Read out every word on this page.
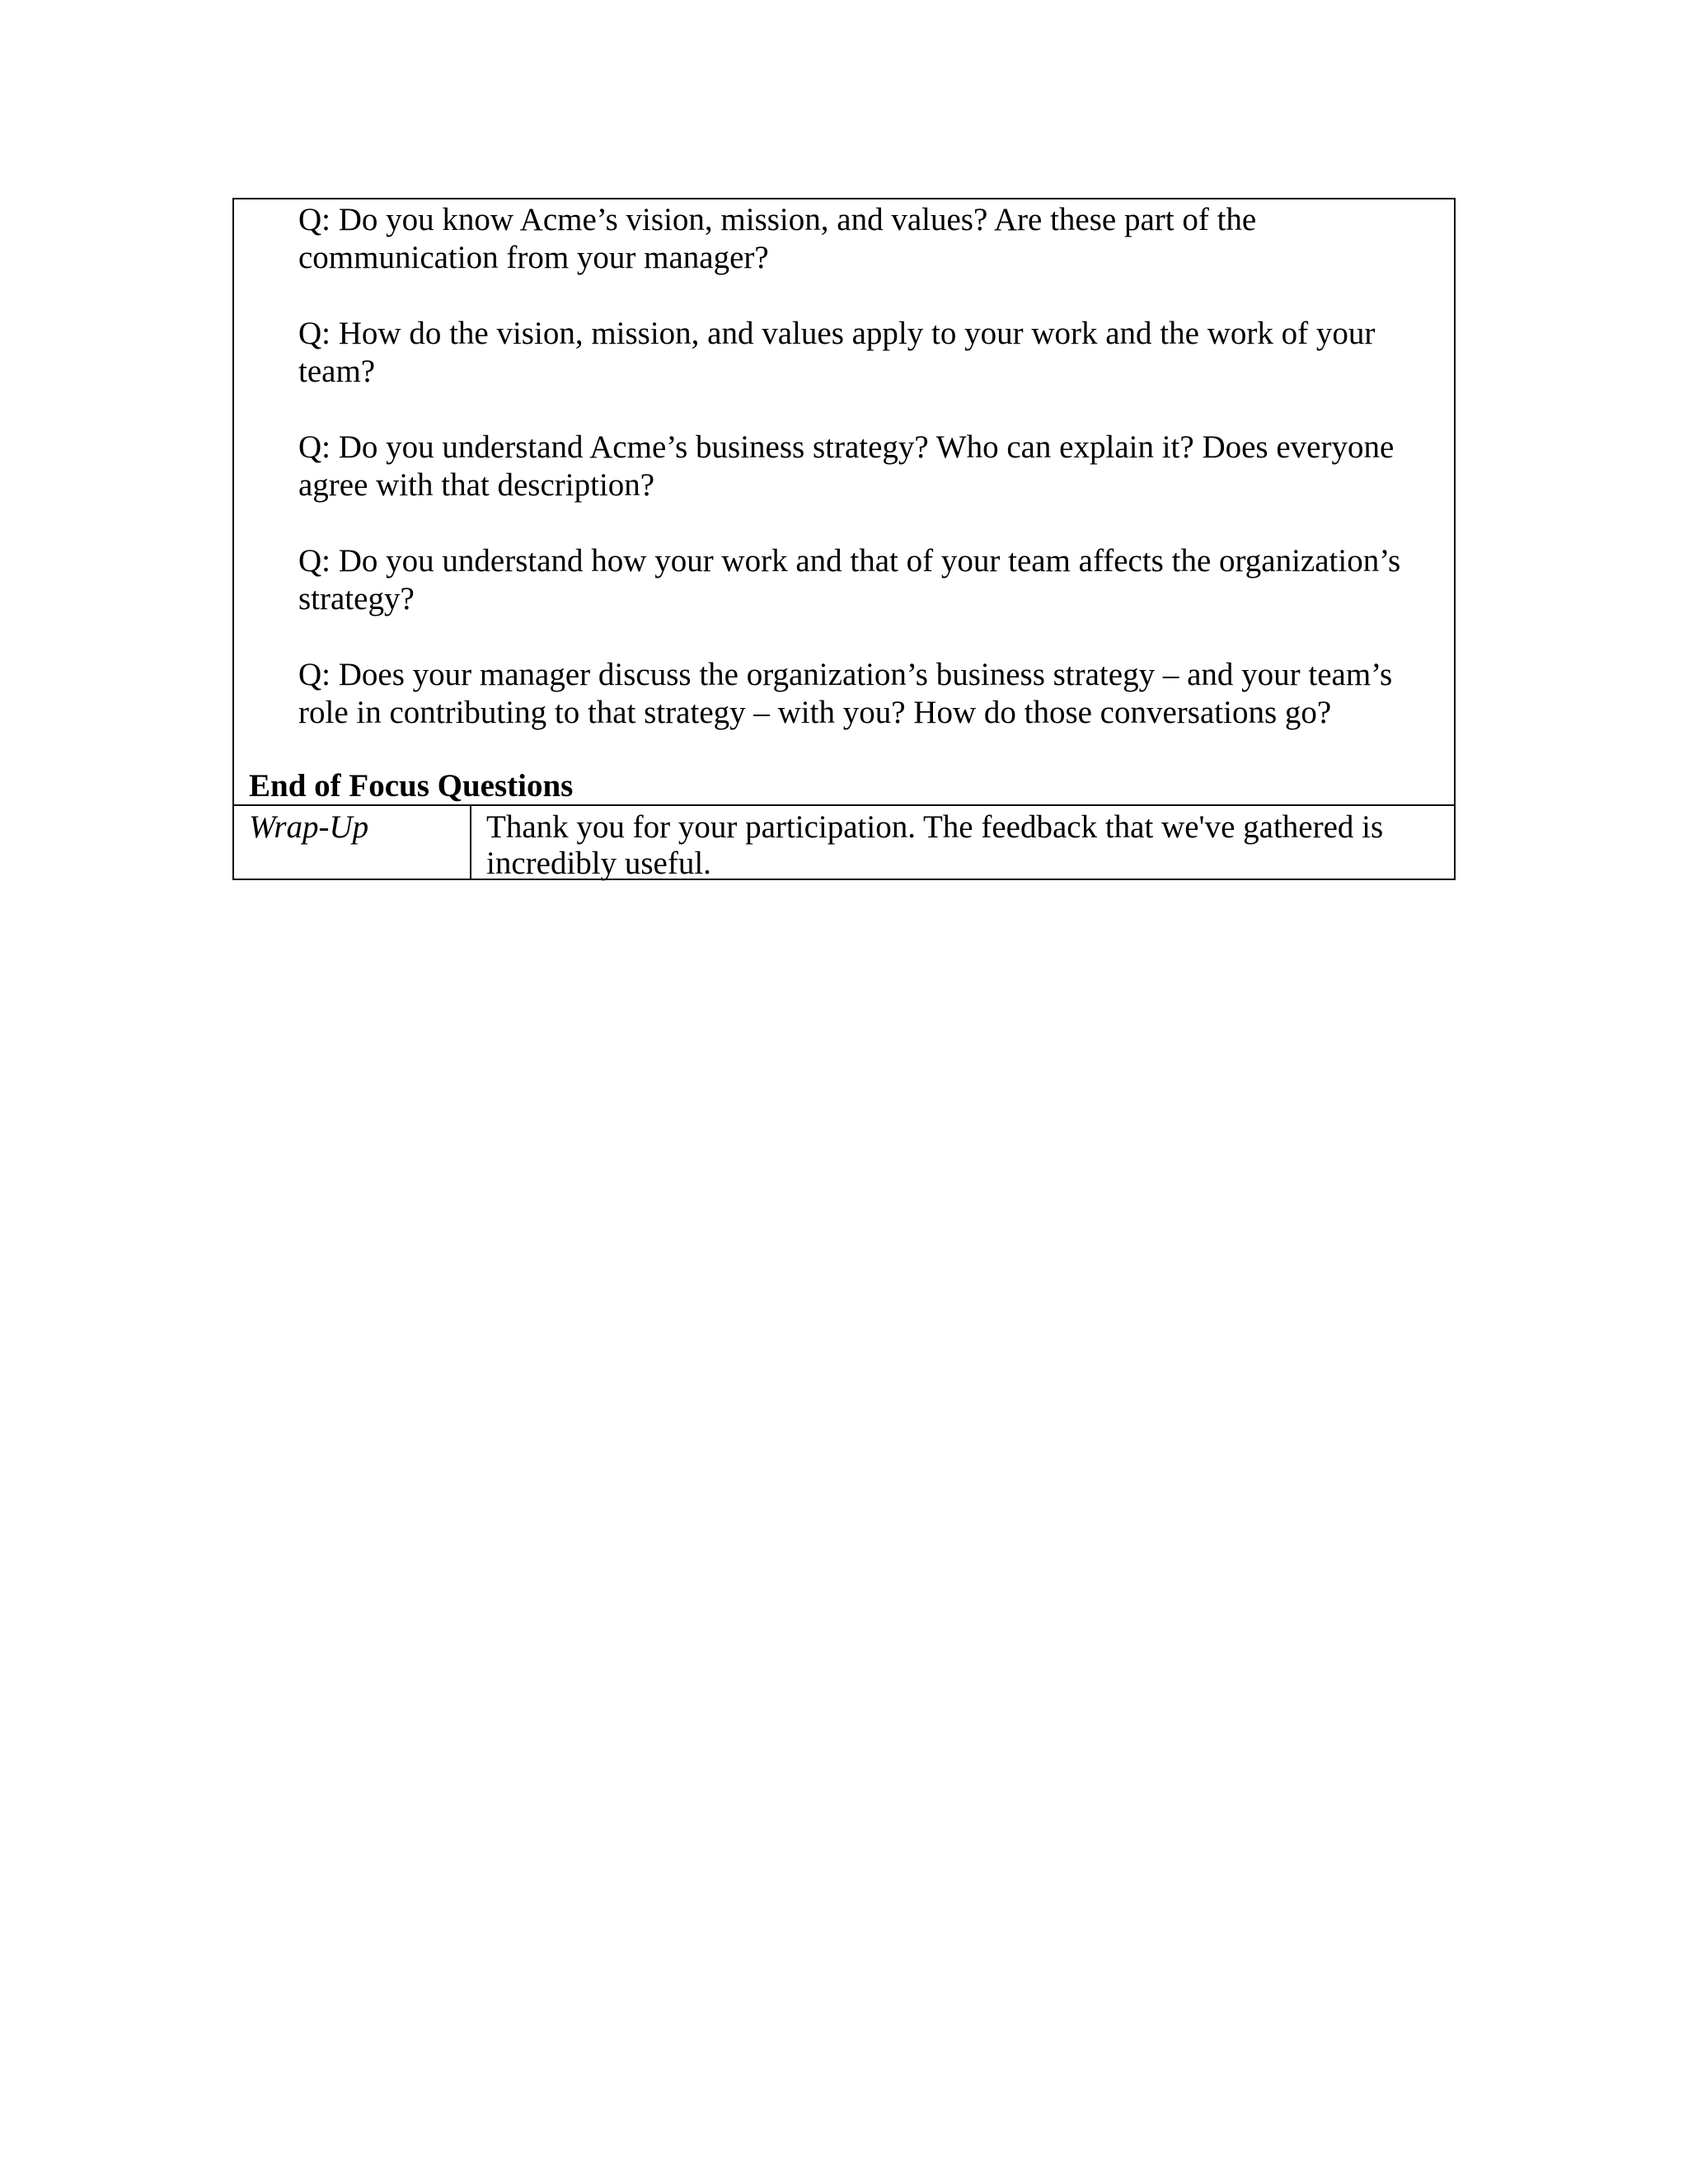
Q: Do you know Acme’s vision, mission, and values? Are these part of the communication from your manager?

Q: How do the vision, mission, and values apply to your work and the work of your team?

Q: Do you understand Acme’s business strategy? Who can explain it? Does everyone agree with that description?

Q: Do you understand how your work and that of your team affects the organization’s strategy?

Q: Does your manager discuss the organization’s business strategy – and your team’s role in contributing to that strategy – with you? How do those conversations go?

End of Focus Questions
Wrap-Up	Thank you for your participation. The feedback that we've gathered is incredibly useful.
